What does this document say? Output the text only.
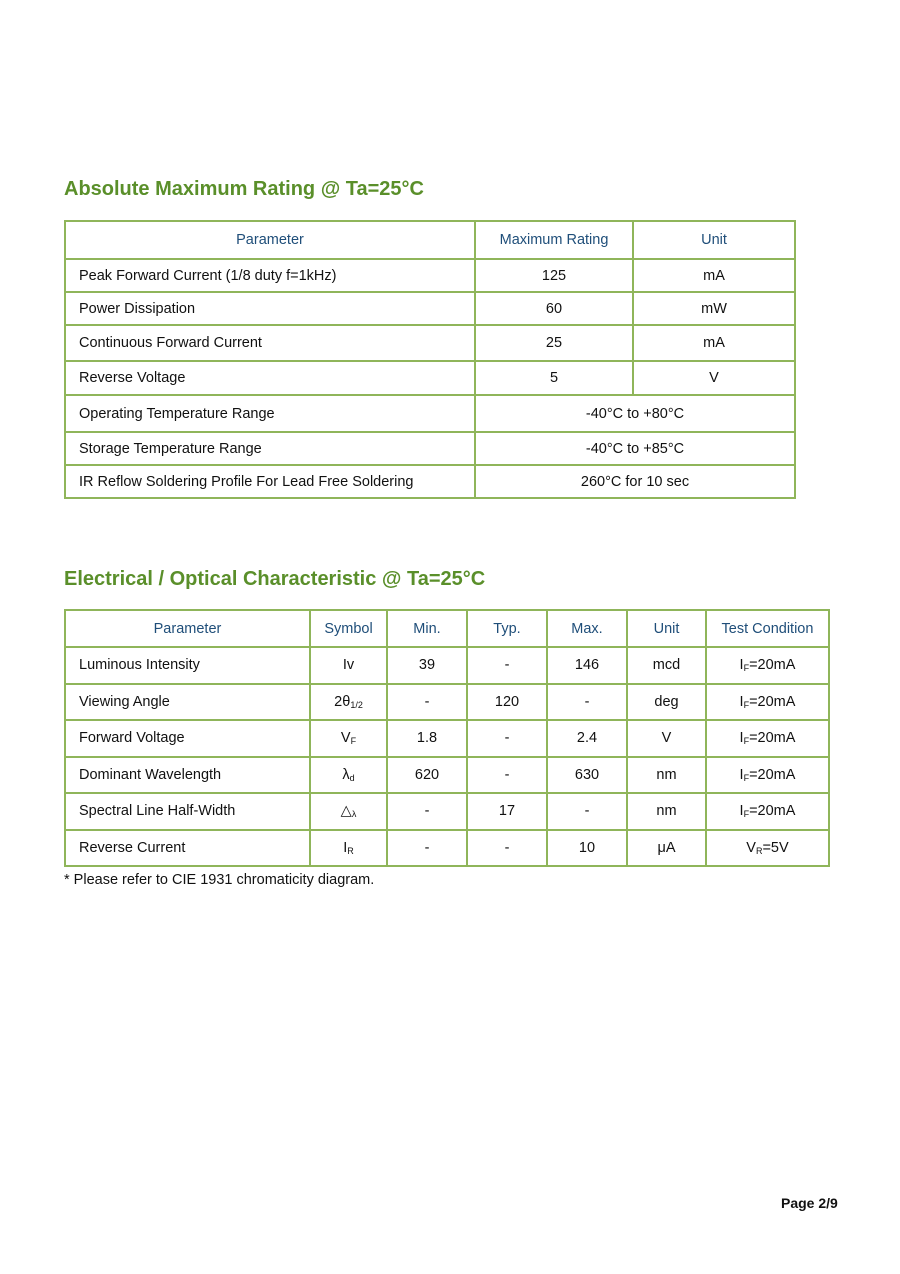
Absolute Maximum Rating @ Ta=25°C
Parameter	Maximum Rating	Unit
Peak Forward Current (1/8 duty f=1kHz)	125	mA
Power Dissipation	60	mW
Continuous Forward Current	25	mA
Reverse Voltage	5	V
Operating Temperature Range	-40°C to +80°C	
Storage Temperature Range	-40°C to +85°C	
IR Reflow Soldering Profile For Lead Free Soldering	260°C for 10 sec	
Electrical / Optical Characteristic @ Ta=25°C
Parameter	Symbol	Min.	Typ.	Max.	Unit	Test Condition
Luminous Intensity	Iv	39	-	146	mcd	$I_F=20mA$
Viewing Angle	$2\theta_{1/2}$	-	120	-	deg	$I_F=20mA$
Forward Voltage	$V_F$	1.8	-	2.4	V	$I_F=20mA$
Dominant Wavelength	$\lambda_d$	620	-	630	nm	$I_F=20mA$
Spectral Line Half-Width	$\triangle_\lambda$	-	17	-	nm	$I_F=20mA$
Reverse Current	$I_R$	-	-	10	μA	$V_R=5V$

* Please refer to CIE 1931 chromaticity diagram.

Page 2/9
